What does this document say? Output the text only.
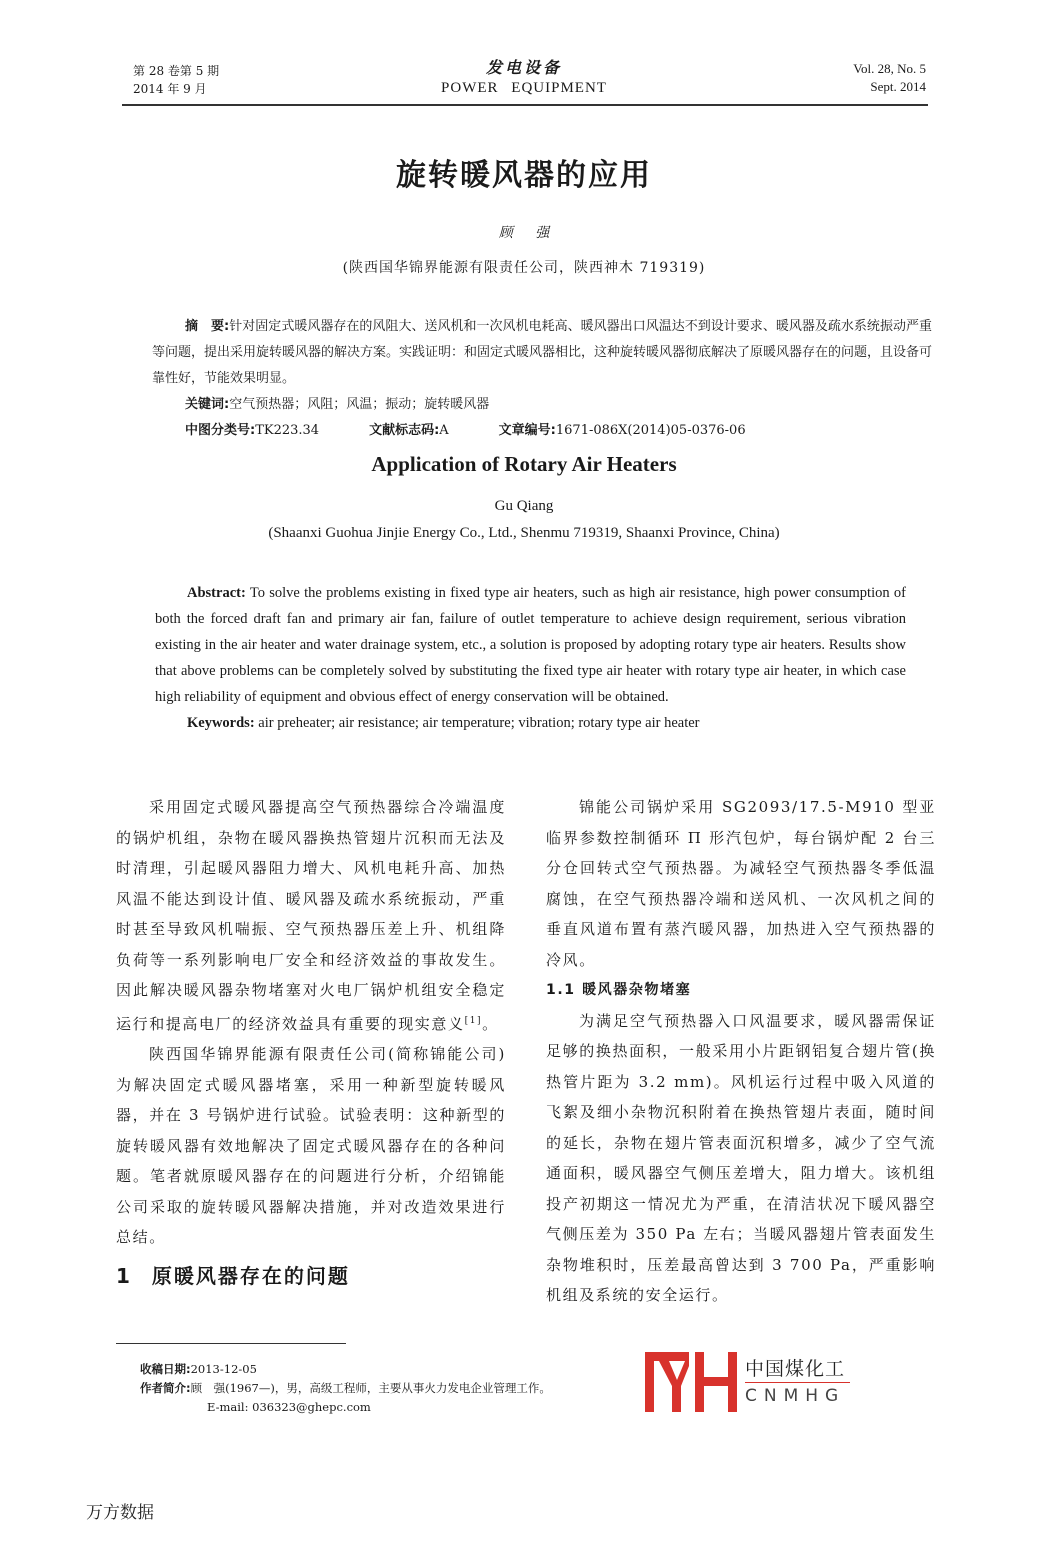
第 28 卷第 5 期
2014 年 9 月
发电设备
POWER EQUIPMENT
Vol. 28, No. 5
Sept. 2014
旋转暖风器的应用
顾 强
(陕西国华锦界能源有限责任公司，陕西神木 719319)

摘　要:针对固定式暖风器存在的风阻大、送风机和一次风机电耗高、暖风器出口风温达不到设计要求、暖风器及疏水系统振动严重等问题，提出采用旋转暖风器的解决方案。实践证明：和固定式暖风器相比，这种旋转暖风器彻底解决了原暖风器存在的问题，且设备可靠性好，节能效果明显。

关键词:空气预热器；风阻；风温；振动；旋转暖风器

中图分类号:TK223.34	文献标志码:A	文章编号:1671-086X(2014)05-0376-06
Application of Rotary Air Heaters
Gu Qiang
(Shaanxi Guohua Jinjie Energy Co., Ltd., Shenmu 719319, Shaanxi Province, China)

Abstract: To solve the problems existing in fixed type air heaters, such as high air resistance, high power consumption of both the forced draft fan and primary air fan, failure of outlet temperature to achieve design requirement, serious vibration existing in the air heater and water drainage system, etc., a solution is proposed by adopting rotary type air heaters. Results show that above problems can be completely solved by substituting the fixed type air heater with rotary type air heater, in which case high reliability of equipment and obvious effect of energy conservation will be obtained.

Keywords: air preheater; air resistance; air temperature; vibration; rotary type air heater

采用固定式暖风器提高空气预热器综合冷端温度的锅炉机组，杂物在暖风器换热管翅片沉积而无法及时清理，引起暖风器阻力增大、风机电耗升高、加热风温不能达到设计值、暖风器及疏水系统振动，严重时甚至导致风机喘振、空气预热器压差上升、机组降负荷等一系列影响电厂安全和经济效益的事故发生。因此解决暖风器杂物堵塞对火电厂锅炉机组安全稳定运行和提高电厂的经济效益具有重要的现实意义[1]。

陕西国华锦界能源有限责任公司(简称锦能公司)为解决固定式暖风器堵塞，采用一种新型旋转暖风器，并在 3 号锅炉进行试验。试验表明：这种新型的旋转暖风器有效地解决了固定式暖风器存在的各种问题。笔者就原暖风器存在的问题进行分析，介绍锦能公司采取的旋转暖风器解决措施，并对改造效果进行总结。

1 原暖风器存在的问题

锦能公司锅炉采用 SG2093/17.5-M910 型亚临界参数控制循环 Π 形汽包炉，每台锅炉配 2 台三分仓回转式空气预热器。为减轻空气预热器冬季低温腐蚀，在空气预热器冷端和送风机、一次风机之间的垂直风道布置有蒸汽暖风器，加热进入空气预热器的冷风。

1.1 暖风器杂物堵塞

为满足空气预热器入口风温要求，暖风器需保证足够的换热面积，一般采用小片距钢铝复合翅片管(换热管片距为 3.2 mm)。风机运行过程中吸入风道的飞絮及细小杂物沉积附着在换热管翅片表面，随时间的延长，杂物在翅片管表面沉积增多，减少了空气流通面积，暖风器空气侧压差增大，阻力增大。该机组投产初期这一情况尤为严重，在清洁状况下暖风器空气侧压差为 350 Pa 左右；当暖风器翅片管表面发生杂物堆积时，压差最高曾达到 3 700 Pa，严重影响机组及系统的安全运行。

收稿日期:2013-12-05

作者简介:顾　强(1967—)，男，高级工程师，主要从事火力发电企业管理工作。

E-mail: 036323@ghepc.com

中国煤化工
CNMHG
万方数据
